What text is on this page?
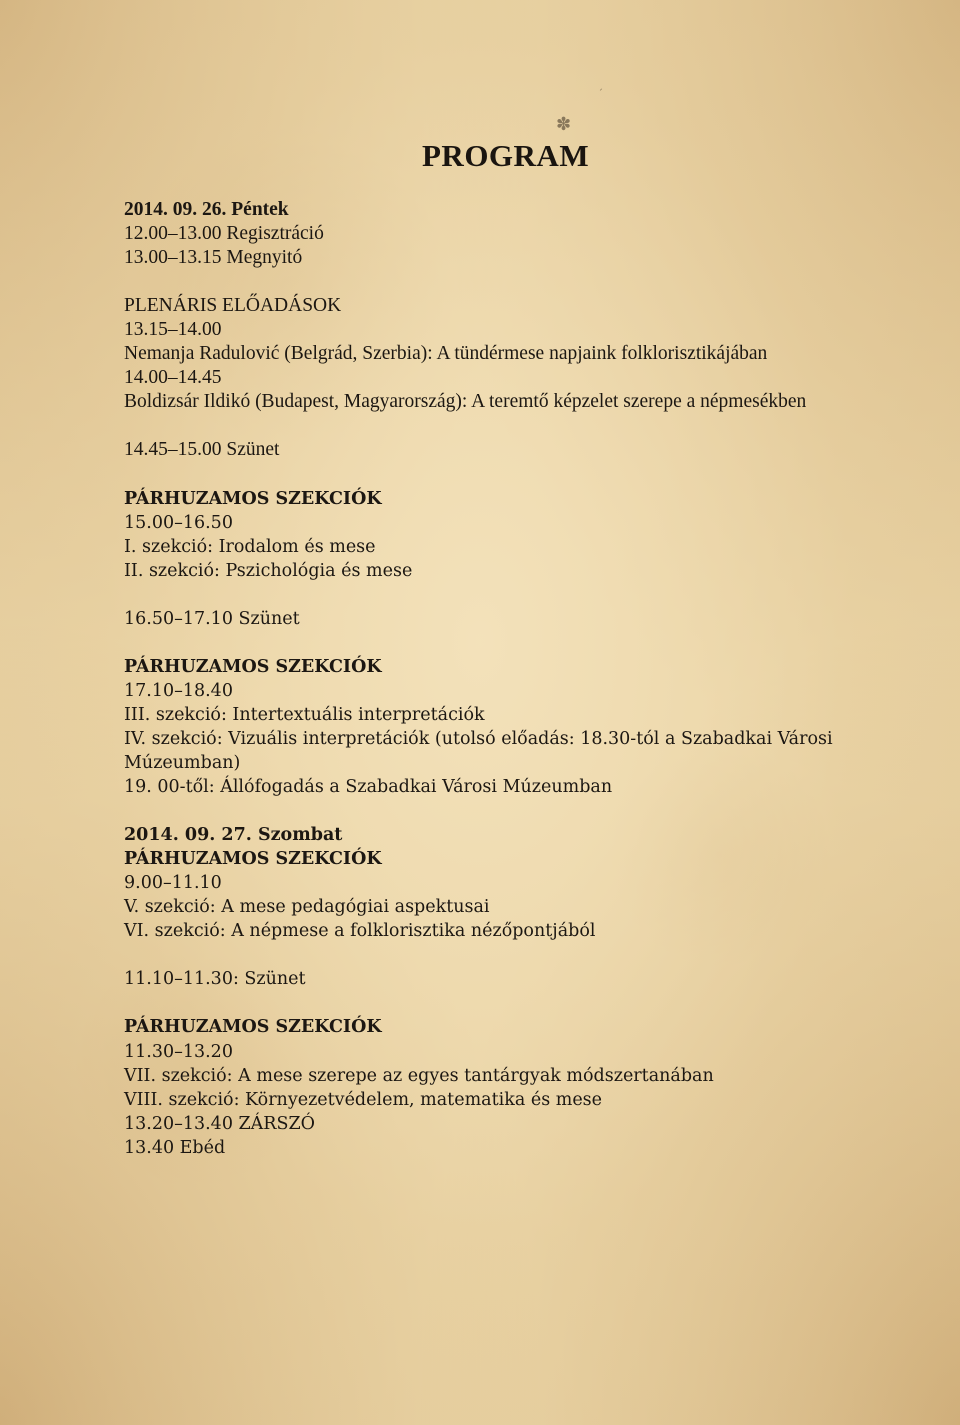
✽
ˏ
PROGRAM
2014. 09. 26. Péntek
12.00–13.00 Regisztráció
13.00–13.15 Megnyitó
PLENÁRIS ELŐADÁSOK
13.15–14.00
Nemanja Radulović (Belgrád, Szerbia): A tündérmese napjaink folklorisztikájában
14.00–14.45
Boldizsár Ildikó (Budapest, Magyarország): A teremtő képzelet szerepe a népmesékben
14.45–15.00 Szünet
PÁRHUZAMOS SZEKCIÓK
15.00–16.50
I. szekció: Irodalom és mese
II. szekció: Pszichológia és mese
16.50–17.10 Szünet
PÁRHUZAMOS SZEKCIÓK
17.10–18.40
III. szekció: Intertextuális interpretációk
IV. szekció: Vizuális interpretációk (utolsó előadás: 18.30-tól a Szabadkai Városi
Múzeumban)
19. 00-től: Állófogadás a Szabadkai Városi Múzeumban
2014. 09. 27. Szombat
PÁRHUZAMOS SZEKCIÓK
9.00–11.10
V. szekció: A mese pedagógiai aspektusai
VI. szekció: A népmese a folklorisztika nézőpontjából
11.10–11.30: Szünet
PÁRHUZAMOS SZEKCIÓK
11.30–13.20
VII. szekció: A mese szerepe az egyes tantárgyak módszertanában
VIII. szekció: Környezetvédelem, matematika és mese
13.20–13.40 ZÁRSZÓ
13.40 Ebéd
